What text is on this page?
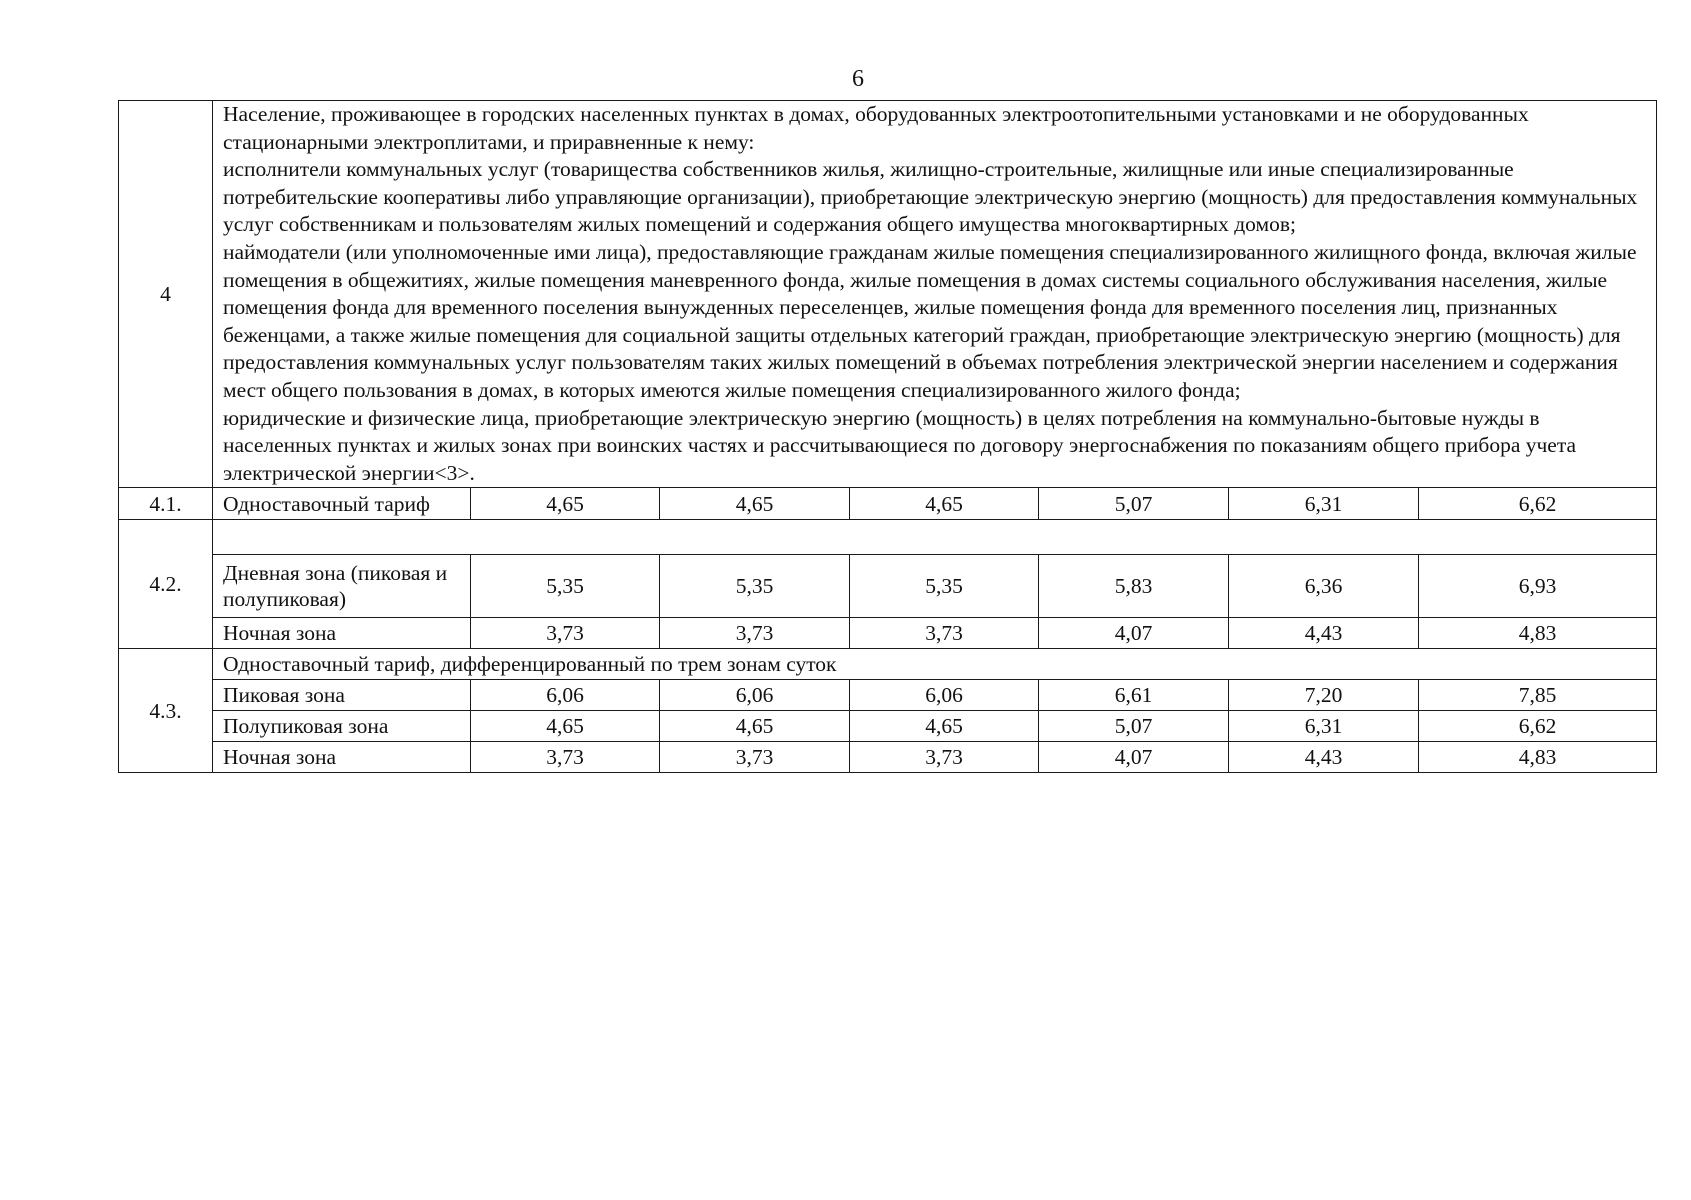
6
4	Население, проживающее в городских населенных пунктах в домах, оборудованных электроотопительными установками и не оборудованных стационарными электроплитами, и приравненные к нему:
исполнители коммунальных услуг (товарищества собственников жилья, жилищно-строительные, жилищные или иные специализированные потребительские кооперативы либо управляющие организации), приобретающие электрическую энергию (мощность) для предоставления коммунальных услуг собственникам и пользователям жилых помещений и содержания общего имущества многоквартирных домов;
наймодатели (или уполномоченные ими лица), предоставляющие гражданам жилые помещения специализированного жилищного фонда, включая жилые помещения в общежитиях, жилые помещения маневренного фонда, жилые помещения в домах системы социального обслуживания населения, жилые помещения фонда для временного поселения вынужденных переселенцев, жилые помещения фонда для временного поселения лиц, признанных беженцами, а также жилые помещения для социальной защиты отдельных категорий граждан, приобретающие электрическую энергию (мощность) для предоставления коммунальных услуг пользователям таких жилых помещений в объемах потребления электрической энергии населением и содержания мест общего пользования в домах, в которых имеются жилые помещения специализированного жилого фонда;
юридические и физические лица, приобретающие электрическую энергию (мощность) в целях потребления на коммунально-бытовые нужды в населенных пунктах и жилых зонах при воинских частях и рассчитывающиеся по договору энергоснабжения по показаниям общего прибора учета электрической энергии<3>.						

4.1.	Одноставочный тариф	4,65	4,65	4,65	5,07	6,31	6,62
4.2.							
	Дневная зона (пиковая и полупиковая)	5,35	5,35	5,35	5,83	6,36	6,93
	Ночная зона	3,73	3,73	3,73	4,07	4,43	4,83
4.3.	Одноставочный тариф, дифференцированный по трем зонам суток						
	Пиковая зона	6,06	6,06	6,06	6,61	7,20	7,85
	Полупиковая зона	4,65	4,65	4,65	5,07	6,31	6,62
	Ночная зона	3,73	3,73	3,73	4,07	4,43	4,83
